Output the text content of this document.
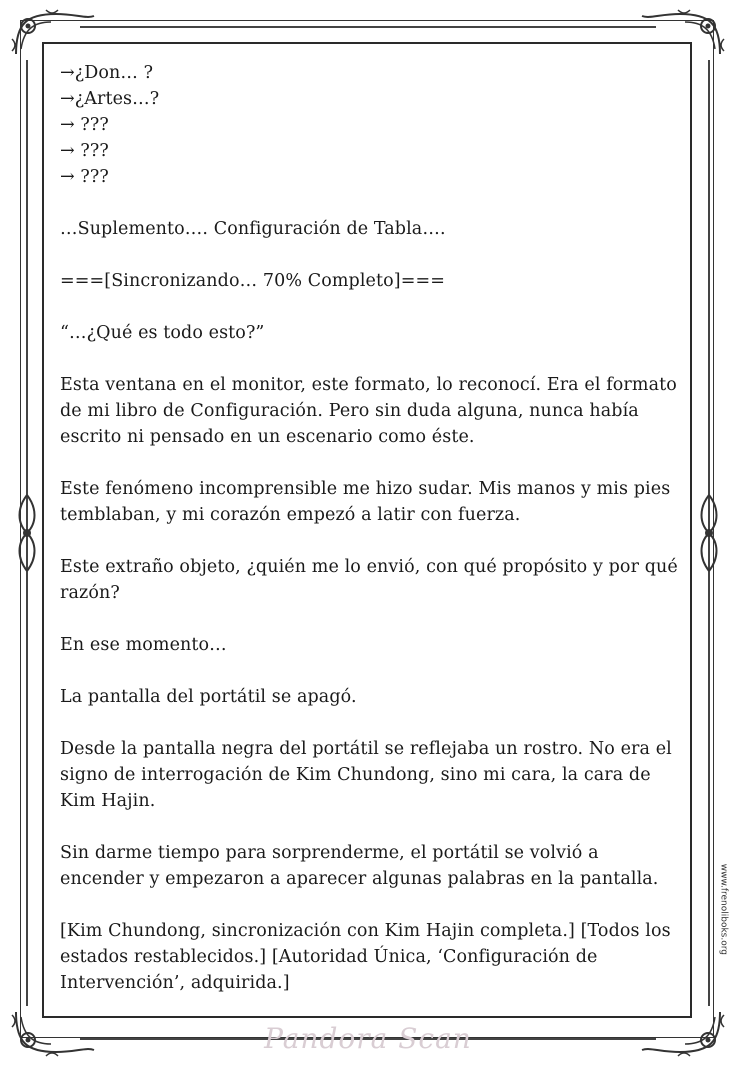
→¿Don… ?

→¿Artes…?

→ ???

→ ???

→ ???

…Suplemento…. Configuración de Tabla….

===[Sincronizando… 70% Completo]===

“…¿Qué es todo esto?”

Esta ventana en el monitor, este formato, lo reconocí. Era el formato de mi libro de Configuración. Pero sin duda alguna, nunca había escrito ni pensado en un escenario como éste.

Este fenómeno incomprensible me hizo sudar. Mis manos y mis pies temblaban, y mi corazón empezó a latir con fuerza.

Este extraño objeto, ¿quién me lo envió, con qué propósito y por qué razón?

En ese momento…

La pantalla del portátil se apagó.

Desde la pantalla negra del portátil se reflejaba un rostro. No era el signo de interrogación de Kim Chundong, sino mi cara, la cara de Kim Hajin.

Sin darme tiempo para sorprenderme, el portátil se volvió a encender y empezaron a aparecer algunas palabras en la pantalla.

[Kim Chundong, sincronización con Kim Hajin completa.] [Todos los estados restablecidos.] [Autoridad Única, ‘Configuración de Intervención’, adquirida.]

www.frenoliboks.org
Pandora Scan
